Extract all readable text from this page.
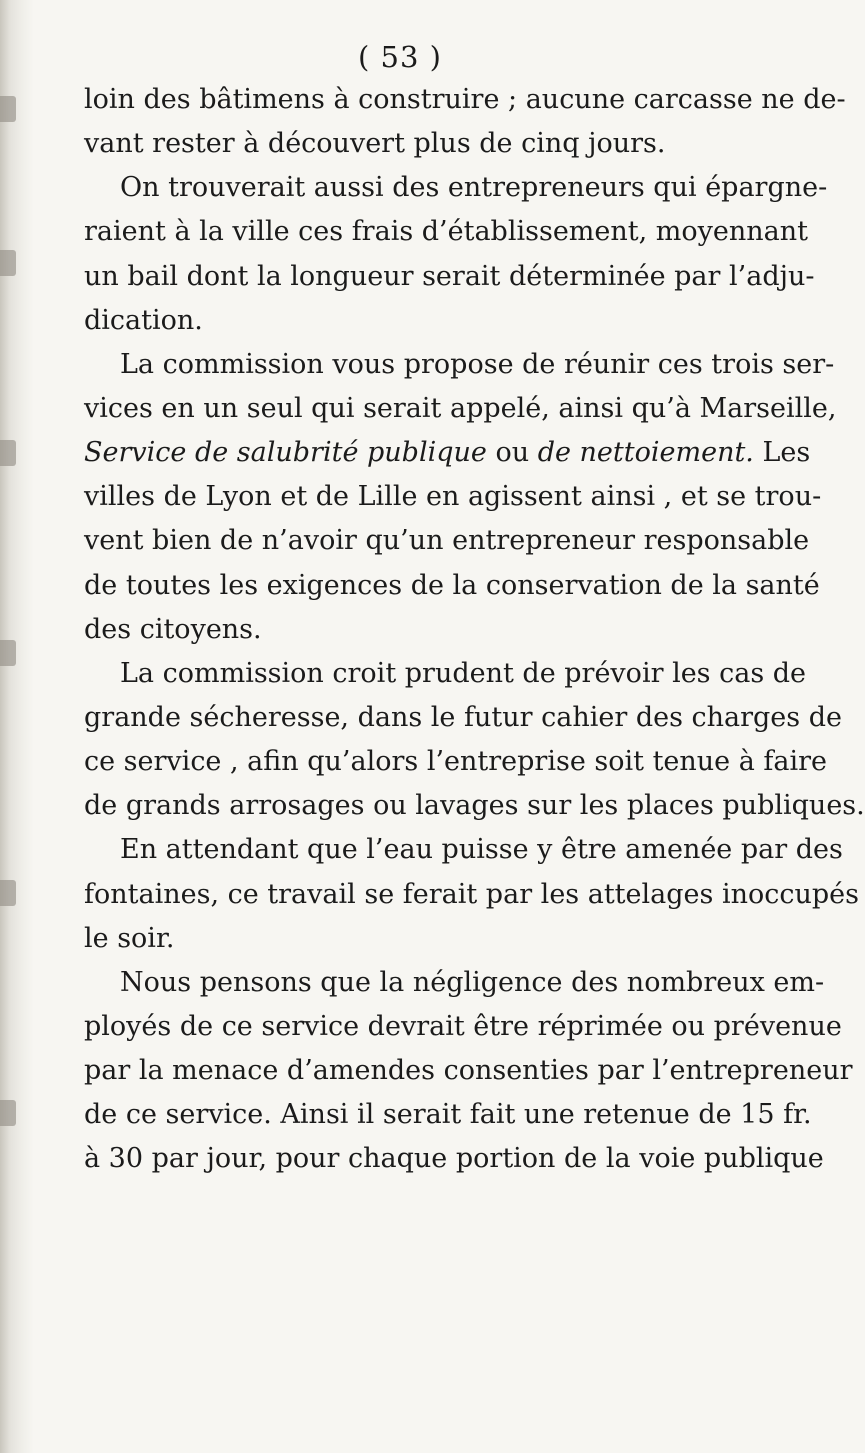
( 53 )
loin des bâtimens à construire ; aucune carcasse ne de-
vant rester à découvert plus de cinq jours.
On trouverait aussi des entrepreneurs qui épargne-
raient à la ville ces frais d’établissement, moyennant
un bail dont la longueur serait déterminée par l’adju-
dication.
La commission vous propose de réunir ces trois ser-
vices en un seul qui serait appelé, ainsi qu’à Marseille,
Service de salubrité publique ou de nettoiement. Les
villes de Lyon et de Lille en agissent ainsi , et se trou-
vent bien de n’avoir qu’un entrepreneur responsable
de toutes les exigences de la conservation de la santé
des citoyens.
La commission croit prudent de prévoir les cas de
grande sécheresse, dans le futur cahier des charges de
ce service , afin qu’alors l’entreprise soit tenue à faire
de grands arrosages ou lavages sur les places publiques.
En attendant que l’eau puisse y être amenée par des
fontaines, ce travail se ferait par les attelages inoccupés
le soir.
Nous pensons que la négligence des nombreux em-
ployés de ce service devrait être réprimée ou prévenue
par la menace d’amendes consenties par l’entrepreneur
de ce service. Ainsi il serait fait une retenue de 15 fr.
à 30 par jour, pour chaque portion de la voie publique
